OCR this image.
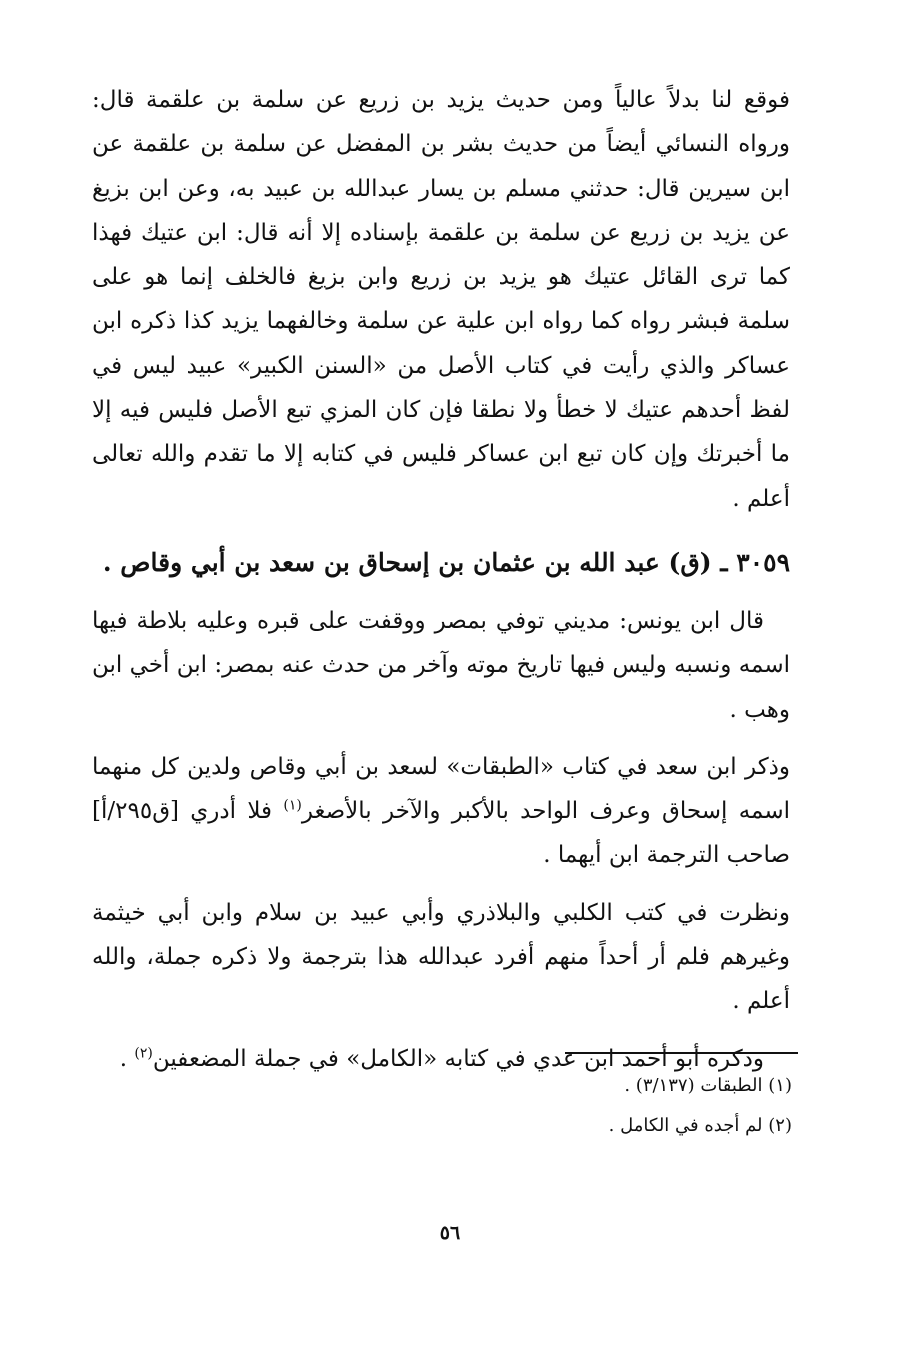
فوقع لنا بدلاً عالياً ومن حديث يزيد بن زريع عن سلمة بن علقمة قال: ورواه النسائي أيضاً من حديث بشر بن المفضل عن سلمة بن علقمة عن ابن سيرين قال: حدثني مسلم بن يسار عبدالله بن عبيد به، وعن ابن بزيغ عن يزيد بن زريع عن سلمة بن علقمة بإسناده إلا أنه قال: ابن عتيك فهذا كما ترى القائل عتيك هو يزيد بن زريع وابن بزيغ فالخلف إنما هو على سلمة فبشر رواه كما رواه ابن علية عن سلمة وخالفهما يزيد كذا ذكره ابن عساكر والذي رأيت في كتاب الأصل من «السنن الكبير» عبيد ليس في لفظ أحدهم عتيك لا خطأ ولا نطقا فإن كان المزي تبع الأصل فليس فيه إلا ما أخبرتك وإن كان تبع ابن عساكر فليس في كتابه إلا ما تقدم والله تعالى أعلم .

٣٠٥٩ ـ (ق) عبد الله بن عثمان بن إسحاق بن سعد بن أبي وقاص .

قال ابن يونس: مديني توفي بمصر ووقفت على قبره وعليه بلاطة فيها اسمه ونسبه وليس فيها تاريخ موته وآخر من حدث عنه بمصر: ابن أخي ابن وهب .

وذكر ابن سعد في كتاب «الطبقات» لسعد بن أبي وقاص ولدين كل منهما اسمه إسحاق وعرف الواحد بالأكبر والآخر بالأصغر$^{(١)}$ فلا أدري [ق٢٩٥/أ] صاحب الترجمة ابن أيهما .

ونظرت في كتب الكلبي والبلاذري وأبي عبيد بن سلام وابن أبي خيثمة وغيرهم فلم أر أحداً منهم أفرد عبدالله هذا بترجمة ولا ذكره جملة، والله أعلم .

وذكره أبو أحمد ابن عدي في كتابه «الكامل» في جملة المضعفين$^{(٢)}$ .

(١) الطبقات (٣/١٣٧) .
(٢) لم أجده في الكامل .
٥٦
